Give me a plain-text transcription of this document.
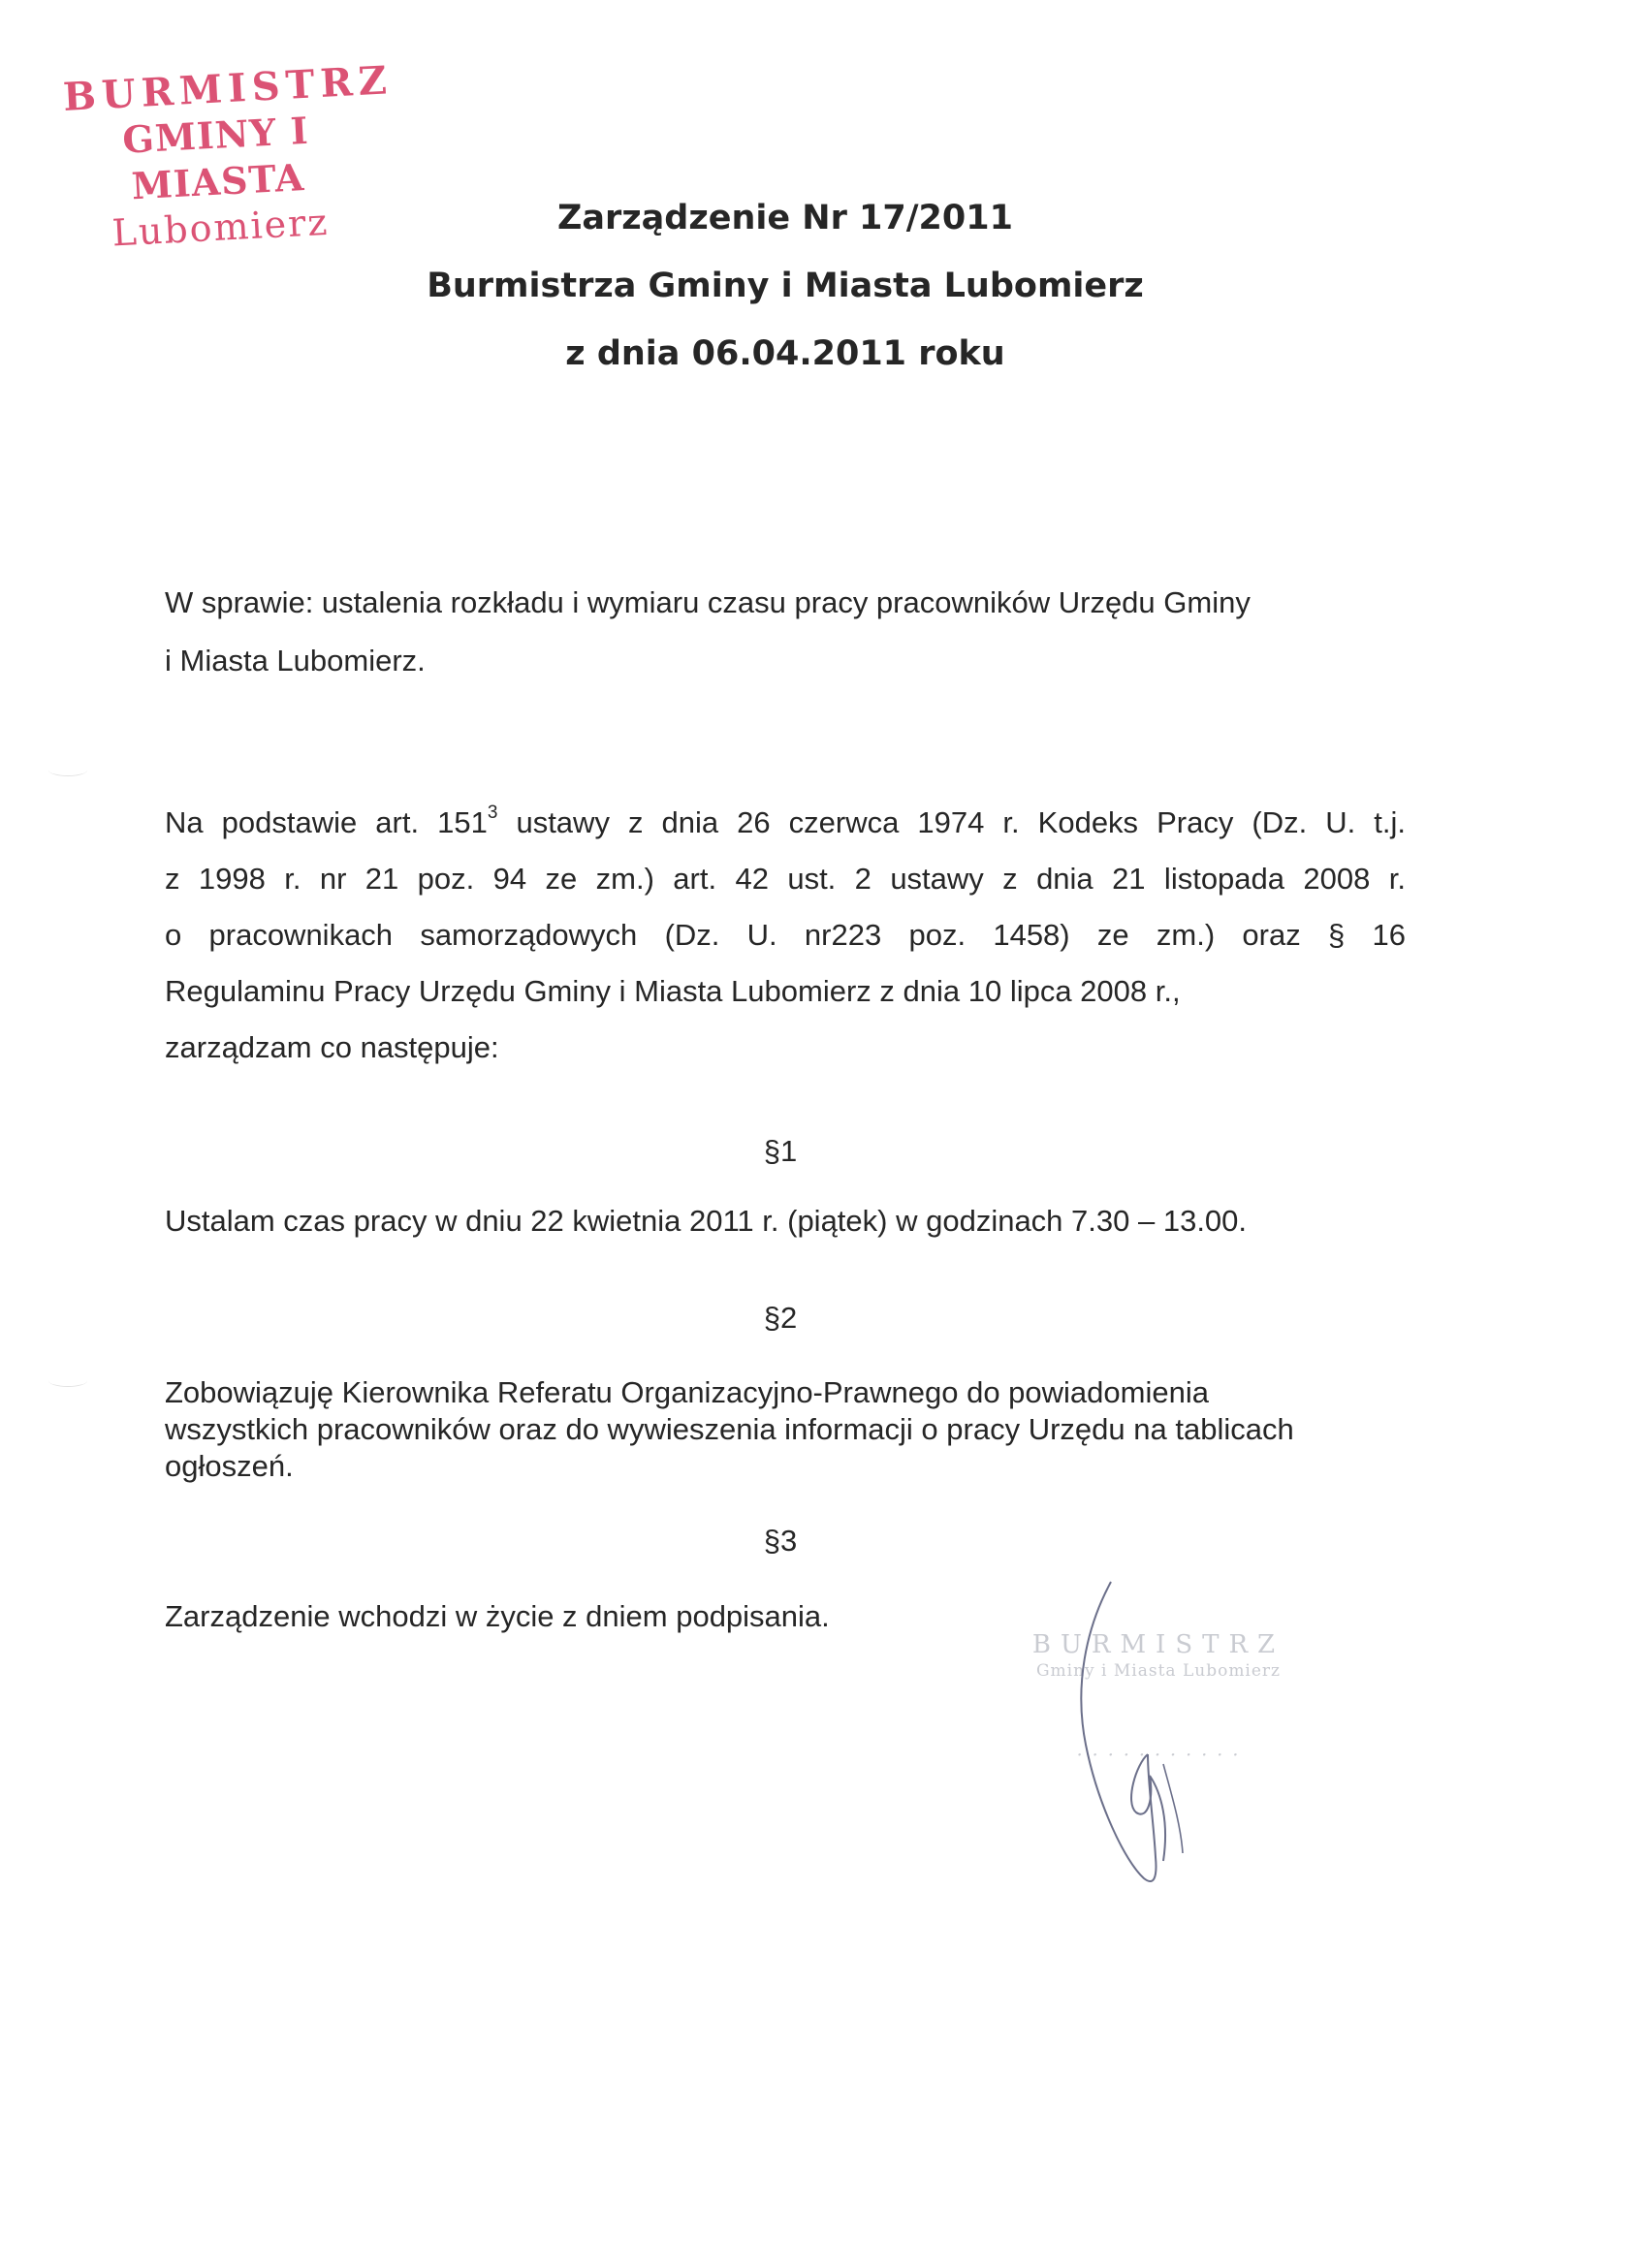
BURMISTRZ
GMINY I MIASTA
Lubomierz	Zarządzenie Nr 17/2011
Burmistrza Gminy i Miasta Lubomierz
z dnia 06.04.2011 roku
W sprawie: ustalenia rozkładu i wymiaru czasu pracy pracowników Urzędu Gminy
i Miasta Lubomierz.
Na podstawie art. $151^3$ ustawy z dnia 26 czerwca 1974 r. Kodeks Pracy (Dz. U. t.j.
z 1998 r. nr 21 poz. 94 ze zm.) art. 42 ust. 2 ustawy z dnia 21 listopada 2008 r.
o pracownikach samorządowych (Dz. U. nr223 poz. 1458) ze zm.) oraz § 16
Regulaminu Pracy Urzędu Gminy i Miasta Lubomierz z dnia 10 lipca 2008 r.,
zarządzam co następuje:
§1
Ustalam czas pracy w dniu 22 kwietnia 2011 r. (piątek) w godzinach 7.30 – 13.00.
§2
Zobowiązuję Kierownika Referatu Organizacyjno-Prawnego do powiadomienia
wszystkich pracowników oraz do wywieszenia informacji o pracy Urzędu na tablicach
ogłoszeń.
§3
Zarządzenie wchodzi w życie z dniem podpisania.
BURMISTRZ
Gminy i Miasta Lubomierz
· · · · · · · · · · ·
